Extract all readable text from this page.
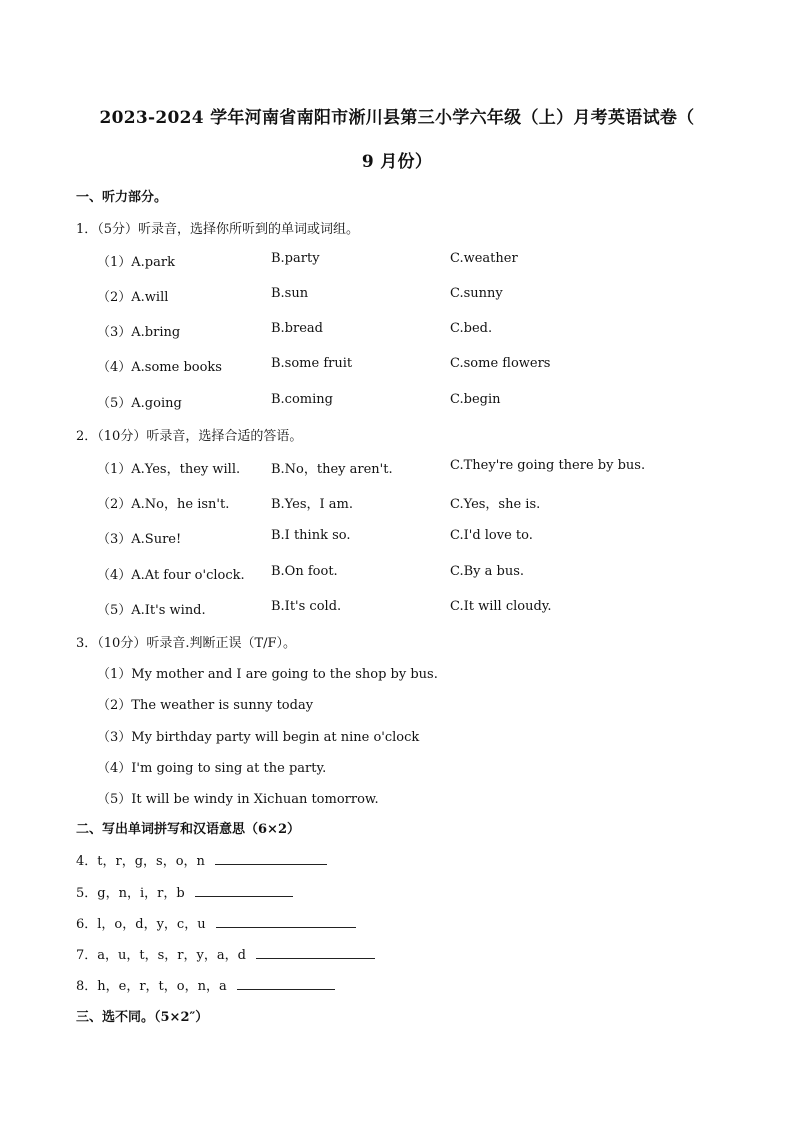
2023-2024 学年河南省南阳市淅川县第三小学六年级（上）月考英语试卷（
9 月份）
一、听力部分。
1．（5分）听录音，选择你所听到的单词或词组。
（1）A.park	B.party	C.weather
（2）A.will	B.sun	C.sunny
（3）A.bring	B.bread	C.bed.
（4）A.some books	B.some fruit	C.some flowers
（5）A.going	B.coming	C.begin
2．（10分）听录音，选择合适的答语。
（1）A.Yes，they will. B.No，they aren't.	C.They're going there by bus.
（2）A.No，he isn't.	B.Yes，I am.	C.Yes，she is.
（3）A.Sure!	B.I think so.	C.I'd love to.
（4）A.At four o'clock. B.On foot.	C.By a bus.
（5）A.It's wind.	B.It's cold.	C.It will cloudy.
3．（10分）听录音.判断正误（T/F）。
（1）My mother and I are going to the shop by bus.
（2）The weather is sunny today
（3）My birthday party will begin at nine o'clock
（4）I'm going to sing at the party.
（5）It will be windy in Xichuan tomorrow.
二、写出单词拼写和汉语意思（6×2）
4．t，r，g，s，o，n
5．g，n，i，r，b
6．l，o，d，y，c，u
7．a，u，t，s，r，y，a，d
8．h，e，r，t，o，n，a
三、选不同。（5×2″）
